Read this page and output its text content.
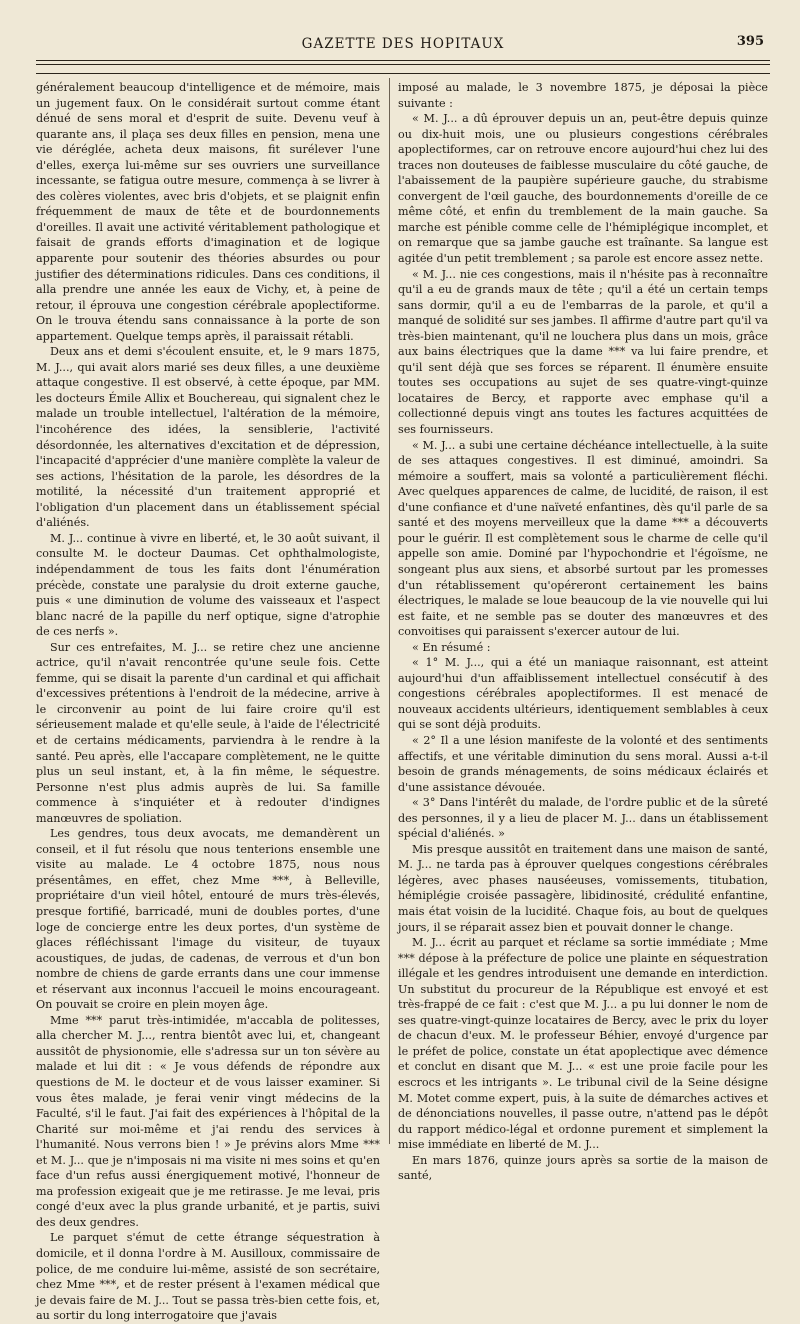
GAZETTE DES HOPITAUX	395

généralement beaucoup d'intelligence et de mémoire, mais un jugement faux. On le considérait surtout comme étant dénué de sens moral et d'esprit de suite. Devenu veuf à quarante ans, il plaça ses deux filles en pension, mena une vie déréglée, acheta deux maisons, fit surélever l'une d'elles, exerça lui-même sur ses ouvriers une surveillance incessante, se fatigua outre mesure, commença à se livrer à des colères violentes, avec bris d'objets, et se plaignit enfin fréquemment de maux de tête et de bourdonnements d'oreilles. Il avait une activité véritablement pathologique et faisait de grands efforts d'imagination et de logique apparente pour soutenir des théories absurdes ou pour justifier des déterminations ridicules. Dans ces conditions, il alla prendre une année les eaux de Vichy, et, à peine de retour, il éprouva une congestion cérébrale apoplectiforme. On le trouva étendu sans connaissance à la porte de son appartement. Quelque temps après, il paraissait rétabli.

Deux ans et demi s'écoulent ensuite, et, le 9 mars 1875, M. J..., qui avait alors marié ses deux filles, a une deuxième attaque congestive. Il est observé, à cette époque, par MM. les docteurs Émile Allix et Bouchereau, qui signalent chez le malade un trouble intellectuel, l'altération de la mémoire, l'incohérence des idées, la sensiblerie, l'activité désordonnée, les alternatives d'excitation et de dépression, l'incapacité d'apprécier d'une manière complète la valeur de ses actions, l'hésitation de la parole, les désordres de la motilité, la nécessité d'un traitement approprié et l'obligation d'un placement dans un établissement spécial d'aliénés.

M. J... continue à vivre en liberté, et, le 30 août suivant, il consulte M. le docteur Daumas. Cet ophthalmologiste, indépendamment de tous les faits dont l'énumération précède, constate une paralysie du droit externe gauche, puis « une diminution de volume des vaisseaux et l'aspect blanc nacré de la papille du nerf optique, signe d'atrophie de ces nerfs ».

Sur ces entrefaites, M. J... se retire chez une ancienne actrice, qu'il n'avait rencontrée qu'une seule fois. Cette femme, qui se disait la parente d'un cardinal et qui affichait d'excessives prétentions à l'endroit de la médecine, arrive à le circonvenir au point de lui faire croire qu'il est sérieusement malade et qu'elle seule, à l'aide de l'électricité et de certains médicaments, parviendra à le rendre à la santé. Peu après, elle l'accapare complètement, ne le quitte plus un seul instant, et, à la fin même, le séquestre. Personne n'est plus admis auprès de lui. Sa famille commence à s'inquiéter et à redouter d'indignes manœuvres de spoliation.

Les gendres, tous deux avocats, me demandèrent un conseil, et il fut résolu que nous tenterions ensemble une visite au malade. Le 4 octobre 1875, nous nous présentâmes, en effet, chez Mme ***, à Belleville, propriétaire d'un vieil hôtel, entouré de murs très-élevés, presque fortifié, barricadé, muni de doubles portes, d'une loge de concierge entre les deux portes, d'un système de glaces réfléchissant l'image du visiteur, de tuyaux acoustiques, de judas, de cadenas, de verrous et d'un bon nombre de chiens de garde errants dans une cour immense et réservant aux inconnus l'accueil le moins encourageant. On pouvait se croire en plein moyen âge.

Mme *** parut très-intimidée, m'accabla de politesses, alla chercher M. J..., rentra bientôt avec lui, et, changeant aussitôt de physionomie, elle s'adressa sur un ton sévère au malade et lui dit : « Je vous défends de répondre aux questions de M. le docteur et de vous laisser examiner. Si vous êtes malade, je ferai venir vingt médecins de la Faculté, s'il le faut. J'ai fait des expériences à l'hôpital de la Charité sur moi-même et j'ai rendu des services à l'humanité. Nous verrons bien ! » Je prévins alors Mme *** et M. J... que je n'imposais ni ma visite ni mes soins et qu'en face d'un refus aussi énergiquement motivé, l'honneur de ma profession exigeait que je me retirasse. Je me levai, pris congé d'eux avec la plus grande urbanité, et je partis, suivi des deux gendres.

Le parquet s'émut de cette étrange séquestration à domicile, et il donna l'ordre à M. Ausilloux, commissaire de police, de me conduire lui-même, assisté de son secrétaire, chez Mme ***, et de rester présent à l'examen médical que je devais faire de M. J... Tout se passa très-bien cette fois, et, au sortir du long interrogatoire que j'avais

imposé au malade, le 3 novembre 1875, je déposai la pièce suivante :

« M. J... a dû éprouver depuis un an, peut-être depuis quinze ou dix-huit mois, une ou plusieurs congestions cérébrales apoplectiformes, car on retrouve encore aujourd'hui chez lui des traces non douteuses de faiblesse musculaire du côté gauche, de l'abaissement de la paupière supérieure gauche, du strabisme convergent de l'œil gauche, des bourdonnements d'oreille de ce même côté, et enfin du tremblement de la main gauche. Sa marche est pénible comme celle de l'hémiplégique incomplet, et on remarque que sa jambe gauche est traînante. Sa langue est agitée d'un petit tremblement ; sa parole est encore assez nette.

« M. J... nie ces congestions, mais il n'hésite pas à reconnaître qu'il a eu de grands maux de tête ; qu'il a été un certain temps sans dormir, qu'il a eu de l'embarras de la parole, et qu'il a manqué de solidité sur ses jambes. Il affirme d'autre part qu'il va très-bien maintenant, qu'il ne louchera plus dans un mois, grâce aux bains électriques que la dame *** va lui faire prendre, et qu'il sent déjà que ses forces se réparent. Il énumère ensuite toutes ses occupations au sujet de ses quatre-vingt-quinze locataires de Bercy, et rapporte avec emphase qu'il a collectionné depuis vingt ans toutes les factures acquittées de ses fournisseurs.

« M. J... a subi une certaine déchéance intellectuelle, à la suite de ses attaques congestives. Il est diminué, amoindri. Sa mémoire a souffert, mais sa volonté a particulièrement fléchi. Avec quelques apparences de calme, de lucidité, de raison, il est d'une confiance et d'une naïveté enfantines, dès qu'il parle de sa santé et des moyens merveilleux que la dame *** a découverts pour le guérir. Il est complètement sous le charme de celle qu'il appelle son amie. Dominé par l'hypochondrie et l'égoïsme, ne songeant plus aux siens, et absorbé surtout par les promesses d'un rétablissement qu'opéreront certainement les bains électriques, le malade se loue beaucoup de la vie nouvelle qui lui est faite, et ne semble pas se douter des manœuvres et des convoitises qui paraissent s'exercer autour de lui.

« En résumé :

« 1° M. J..., qui a été un maniaque raisonnant, est atteint aujourd'hui d'un affaiblissement intellectuel consécutif à des congestions cérébrales apoplectiformes. Il est menacé de nouveaux accidents ultérieurs, identiquement semblables à ceux qui se sont déjà produits.

« 2° Il a une lésion manifeste de la volonté et des sentiments affectifs, et une véritable diminution du sens moral. Aussi a-t-il besoin de grands ménagements, de soins médicaux éclairés et d'une assistance dévouée.

« 3° Dans l'intérêt du malade, de l'ordre public et de la sûreté des personnes, il y a lieu de placer M. J... dans un établissement spécial d'aliénés. »

Mis presque aussitôt en traitement dans une maison de santé, M. J... ne tarda pas à éprouver quelques congestions cérébrales légères, avec phases nauséeuses, vomissements, titubation, hémiplégie croisée passagère, libidinosité, crédulité enfantine, mais état voisin de la lucidité. Chaque fois, au bout de quelques jours, il se réparait assez bien et pouvait donner le change.

M. J... écrit au parquet et réclame sa sortie immédiate ; Mme *** dépose à la préfecture de police une plainte en séquestration illégale et les gendres introduisent une demande en interdiction. Un substitut du procureur de la République est envoyé et est très-frappé de ce fait : c'est que M. J... a pu lui donner le nom de ses quatre-vingt-quinze locataires de Bercy, avec le prix du loyer de chacun d'eux. M. le professeur Béhier, envoyé d'urgence par le préfet de police, constate un état apoplectique avec démence et conclut en disant que M. J... « est une proie facile pour les escrocs et les intrigants ». Le tribunal civil de la Seine désigne M. Motet comme expert, puis, à la suite de démarches actives et de dénonciations nouvelles, il passe outre, n'attend pas le dépôt du rapport médico-légal et ordonne purement et simplement la mise immédiate en liberté de M. J...

En mars 1876, quinze jours après sa sortie de la maison de santé,
